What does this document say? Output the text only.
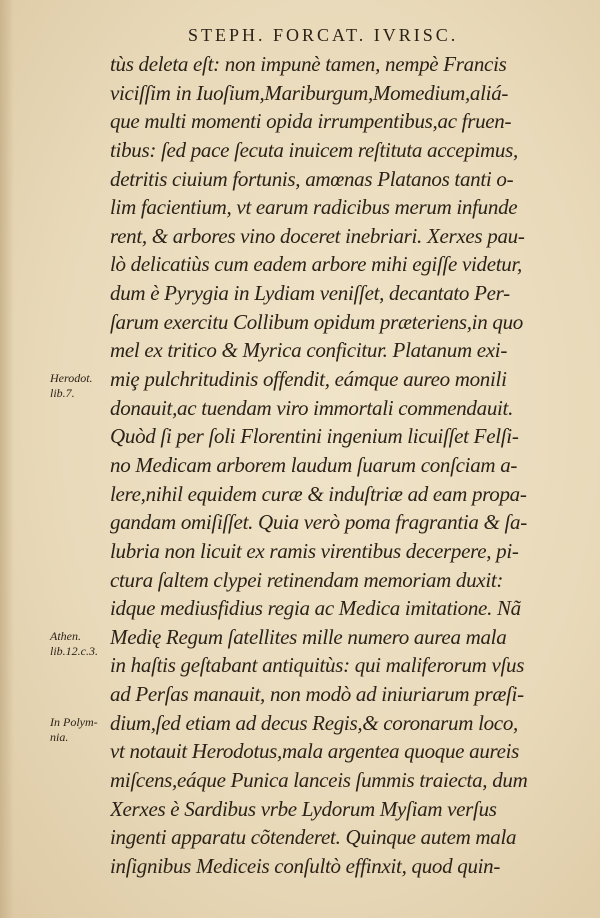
STEPH. FORCAT. IVRISC.
tùs deleta eſt: non impunè tamen, nempè Francis
viciſſim in Iuoſium,Mariburgum,Momedium,aliá-
que multi momenti opida irrumpentibus,ac fruen-
tibus: ſed pace ſecuta inuicem reſtituta accepimus,
detritis ciuium fortunis, amœnas Platanos tanti o-
lim facientium, vt earum radicibus merum infunde
rent, & arbores vino doceret inebriari. Xerxes pau-
lò delicatiùs cum eadem arbore mihi egiſſe videtur,
dum è Pyrygia in Lydiam veniſſet, decantato Per-
ſarum exercitu Collibum opidum prӕteriens,in quo
mel ex tritico & Myrica conficitur. Platanum exi-
miȩ pulchritudinis offendit, eámque aureo monili
donauit,ac tuendam viro immortali commendauit.
Quòd ſi per ſoli Florentini ingenium licuiſſet Felſi-
no Medicam arborem laudum ſuarum conſciam a-
lere,nihil equidem curӕ & induſtriӕ ad eam propa-
gandam omiſiſſet. Quia verò poma fragrantia & ſa-
lubria non licuit ex ramis virentibus decerpere, pi-
ctura ſaltem clypei retinendam memoriam duxit:
idque mediusfidius regia ac Medica imitatione. Nã
Medię Regum ſatellites mille numero aurea mala
in haſtis geſtabant antiquitùs: qui maliferorum vſus
ad Perſas manauit, non modò ad iniuriarum prӕſi-
dium,ſed etiam ad decus Regis,& coronarum loco,
vt notauit Herodotus,mala argentea quoque aureis
miſcens,eáque Punica lanceis ſummis traiecta, dum
Xerxes è Sardibus vrbe Lydorum Myſiam verſus
ingenti apparatu cõtenderet. Quinque autem mala
inſignibus Mediceis conſultò effinxit, quod quin-
Herodot.
lib.7.
Athen.
lib.12.c.3.
In Polym-
nia.
